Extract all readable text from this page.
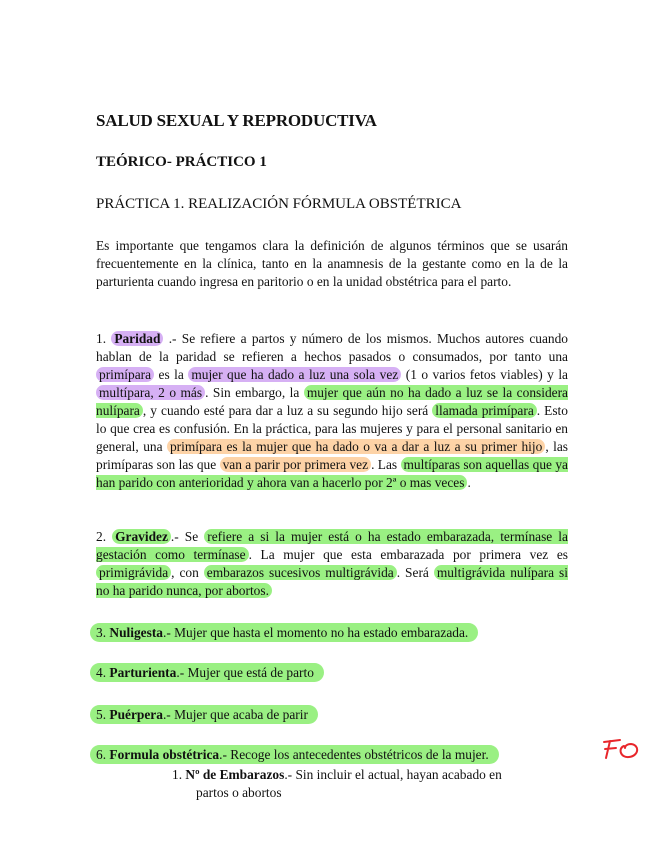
SALUD SEXUAL Y REPRODUCTIVA
TEÓRICO- PRÁCTICO 1
PRÁCTICA 1. REALIZACIÓN FÓRMULA OBSTÉTRICA
Es importante que tengamos clara la definición de algunos términos que se usarán frecuentemente en la clínica, tanto en la anamnesis de la gestante como en la de la parturienta cuando ingresa en paritorio o en la unidad obstétrica para el parto.
1. Paridad .- Se refiere a partos y número de los mismos. Muchos autores cuando hablan de la paridad se refieren a hechos pasados o consumados, por tanto una primípara es la mujer que ha dado a luz una sola vez (1 o varios fetos viables) y la multípara, 2 o más . Sin embargo, la mujer que aún no ha dado a luz se la considera nulípara , y cuando esté para dar a luz a su segundo hijo será llamada primípara . Esto lo que crea es confusión. En la práctica, para las mujeres y para el personal sanitario en general, una primípara es la mujer que ha dado o va a dar a luz a su primer hijo , las primíparas son las que van a parir por primera vez . Las multíparas son aquellas que ya han parido con anterioridad y ahora van a hacerlo por 2ª o mas veces .
2. Gravidez .- Se refiere a si la mujer está o ha estado embarazada, termínase la gestación como termínase . La mujer que esta embarazada por primera vez es primigrávida , con embarazos sucesivos multigrávida . Será multigrávida nulípara si no ha parido nunca, por abortos.
3. Nuligesta.- Mujer que hasta el momento no ha estado embarazada.
4. Parturienta.- Mujer que está de parto
5. Puérpera.- Mujer que acaba de parir
6. Formula obstétrica.- Recoge los antecedentes obstétricos de la mujer.
1. Nº de Embarazos.- Sin incluir el actual, hayan acabado en
partos o abortos
